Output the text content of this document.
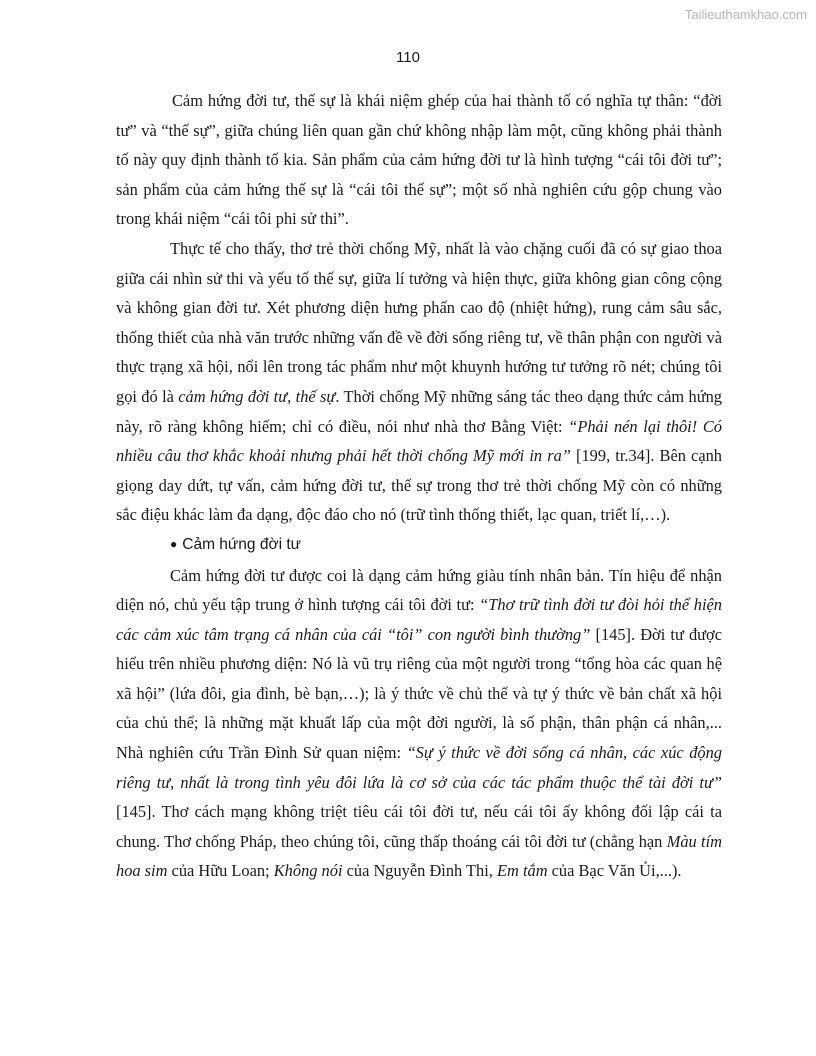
Tailieuthamkhao.com
110

Cảm hứng đời tư, thế sự là khái niệm ghép của hai thành tố có nghĩa tự thân: “đời tư” và “thế sự”, giữa chúng liên quan gần chứ không nhập làm một, cũng không phải thành tố này quy định thành tố kia. Sản phẩm của cảm hứng đời tư là hình tượng “cái tôi đời tư”; sản phẩm của cảm hứng thế sự là “cái tôi thế sự”; một số nhà nghiên cứu gộp chung vào trong khái niệm “cái tôi phi sử thi”.

Thực tế cho thấy, thơ trẻ thời chống Mỹ, nhất là vào chặng cuối đã có sự giao thoa giữa cái nhìn sử thi và yếu tố thế sự, giữa lí tưởng và hiện thực, giữa không gian công cộng và không gian đời tư. Xét phương diện hưng phấn cao độ (nhiệt hứng), rung cảm sâu sắc, thống thiết của nhà văn trước những vấn đề về đời sống riêng tư, về thân phận con người và thực trạng xã hội, nổi lên trong tác phẩm như một khuynh hướng tư tưởng rõ nét; chúng tôi gọi đó là cảm hứng đời tư, thế sự. Thời chống Mỹ những sáng tác theo dạng thức cảm hứng này, rõ ràng không hiếm; chỉ có điều, nói như nhà thơ Bằng Việt: “Phải nén lại thôi! Có nhiều câu thơ khắc khoải nhưng phải hết thời chống Mỹ mới in ra” [199, tr.34]. Bên cạnh giọng day dứt, tự vấn, cảm hứng đời tư, thế sự trong thơ trẻ thời chống Mỹ còn có những sắc điệu khác làm đa dạng, độc đáo cho nó (trữ tình thống thiết, lạc quan, triết lí,…).

● Cảm hứng đời tư

Cảm hứng đời tư được coi là dạng cảm hứng giàu tính nhân bản. Tín hiệu để nhận diện nó, chủ yếu tập trung ở hình tượng cái tôi đời tư: “Thơ trữ tình đời tư đòi hỏi thể hiện các cảm xúc tâm trạng cá nhân của cái “tôi” con người bình thường” [145]. Đời tư được hiểu trên nhiều phương diện: Nó là vũ trụ riêng của một người trong “tổng hòa các quan hệ xã hội” (lứa đôi, gia đình, bè bạn,…); là ý thức về chủ thể và tự ý thức về bản chất xã hội của chủ thể; là những mặt khuất lấp của một đời người, là số phận, thân phận cá nhân,... Nhà nghiên cứu Trần Đình Sử quan niệm: “Sự ý thức về đời sống cá nhân, các xúc động riêng tư, nhất là trong tình yêu đôi lứa là cơ sở của các tác phẩm thuộc thể tài đời tư” [145]. Thơ cách mạng không triệt tiêu cái tôi đời tư, nếu cái tôi ấy không đối lập cái ta chung. Thơ chống Pháp, theo chúng tôi, cũng thấp thoáng cái tôi đời tư (chẳng hạn Màu tím hoa sim của Hữu Loan; Không nói của Nguyễn Đình Thi, Em tắm của Bạc Văn Ủi,...).
